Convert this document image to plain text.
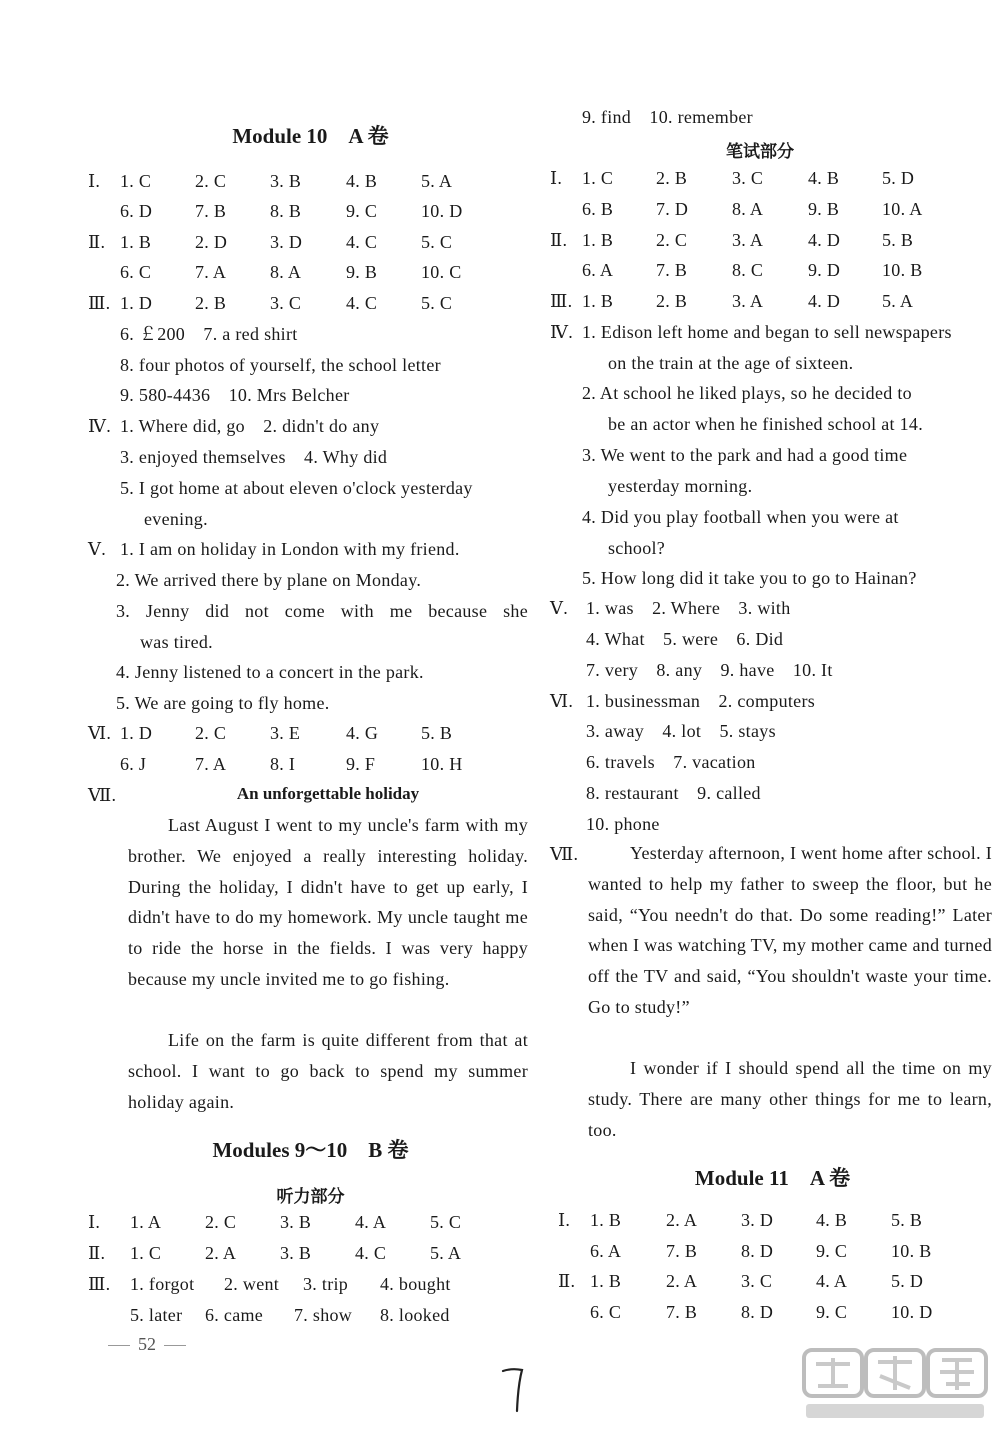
Module 10　A 卷
Ⅰ. 1. C 2. C 3. B 4. B 5. A
6. D 7. B 8. B 9. C 10. D
Ⅱ. 1. B 2. D 3. D 4. C 5. C
6. C 7. A 8. A 9. B 10. C
Ⅲ. 1. D 2. B 3. C 4. C 5. C
6. ￡200　7. a red shirt
8. four photos of yourself, the school letter
9. 580-4436　10. Mrs Belcher
Ⅳ. 1. Where did, go　2. didn't do any
3. enjoyed themselves　4. Why did
5. I got home at about eleven o'clock yesterday
evening.
Ⅴ. 1. I am on holiday in London with my friend.
2. We arrived there by plane on Monday.
3. Jenny did not come with me because she
was tired.
4. Jenny listened to a concert in the park.
5. We are going to fly home.
Ⅵ. 1. D 2. C 3. E	4. G 5. B
6. J	7. A 8. I	9. F	10. H
Ⅶ.	An unforgettable holiday
Last August I went to my uncle's farm with my brother. We enjoyed a really interesting holiday. During the holiday, I didn't have to get up early, I didn't have to do my homework. My uncle taught me to ride the horse in the fields. I was very happy because my uncle invited me to go fishing.
Life on the farm is quite different from that at school. I want to go back to spend my summer holiday again.
Modules 9～10　B 卷
听力部分
Ⅰ. 1. A 2. C 3. B 4. A 5. C
Ⅱ. 1. C 2. A 3. B 4. C 5. A
Ⅲ. 1. forgot 2. went 3. trip 4. bought
5. later 6. came 7. show 8. looked
9. find　10. remember
笔试部分
Ⅰ. 1. C 2. B 3. C 4. B 5. D
6. B 7. D 8. A 9. B 10. A
Ⅱ. 1. B 2. C 3. A 4. D 5. B
6. A 7. B 8. C 9. D 10. B
Ⅲ. 1. B 2. B 3. A 4. D 5. A
Ⅳ. 1. Edison left home and began to sell newspapers
on the train at the age of sixteen.
2. At school he liked plays, so he decided to
be an actor when he finished school at 14.
3. We went to the park and had a good time
yesterday morning.
4. Did you play football when you were at
school?
5. How long did it take you to go to Hainan?
Ⅴ. 1. was　2. Where　3. with
4. What　5. were　6. Did
7. very　8. any　9. have　10. It
Ⅵ. 1. businessman　2. computers
3. away　4. lot　5. stays
6. travels　7. vacation
8. restaurant　9. called
10. phone
Ⅶ.	Yesterday afternoon, I went home after school. I wanted to help my father to sweep the floor, but he said, “You needn't do that. Do some reading!” Later when I was watching TV, my mother came and turned off the TV and said, “You shouldn't waste your time. Go to study!”
I wonder if I should spend all the time on my study. There are many other things for me to learn, too.
Module 11　A 卷
Ⅰ. 1. B 2. A 3. D 4. B 5. B
6. A 7. B 8. D 9. C 10. B
Ⅱ. 1. B 2. A 3. C 4. A 5. D
6. C 7. B 8. D 9. C 10. D
52
